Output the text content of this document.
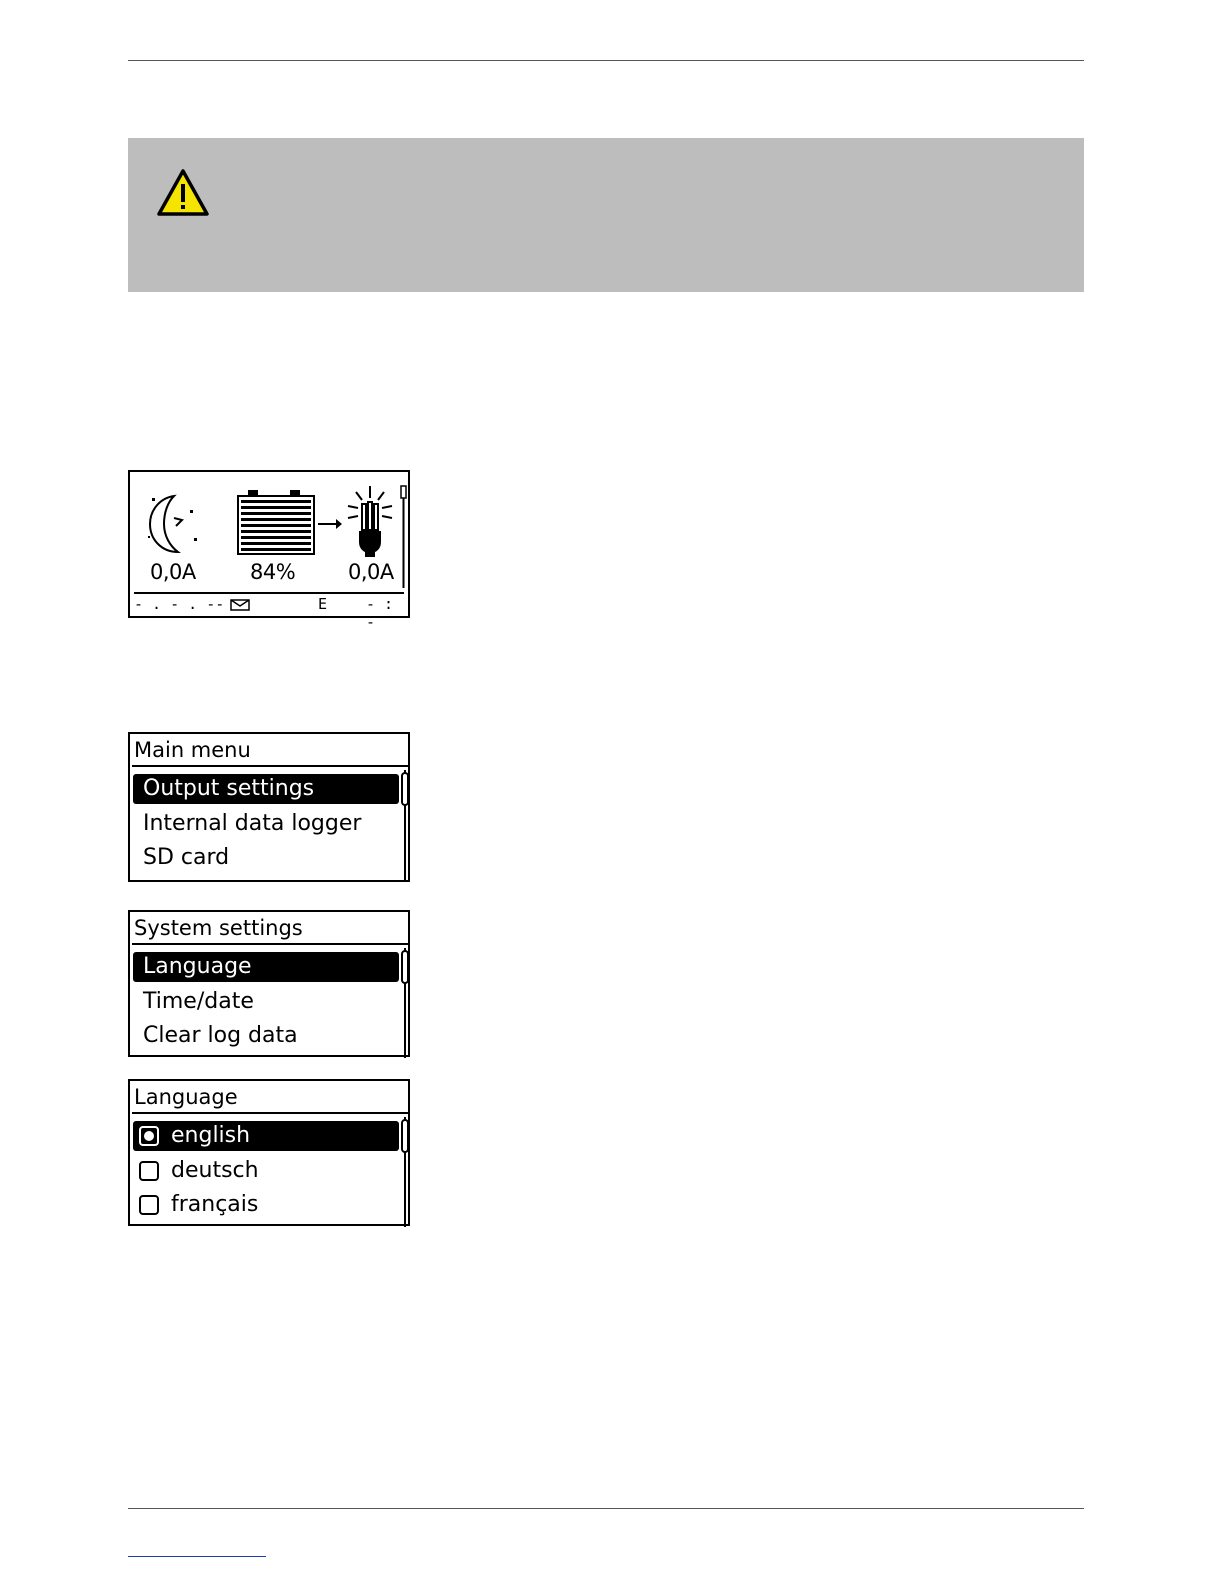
0,0A	84%	0,0A
- . - . --	E	- : -
Main menu
Output settings
Internal data logger
SD card
System settings
Language
Time/date
Clear log data
Language
english
deutsch
français
